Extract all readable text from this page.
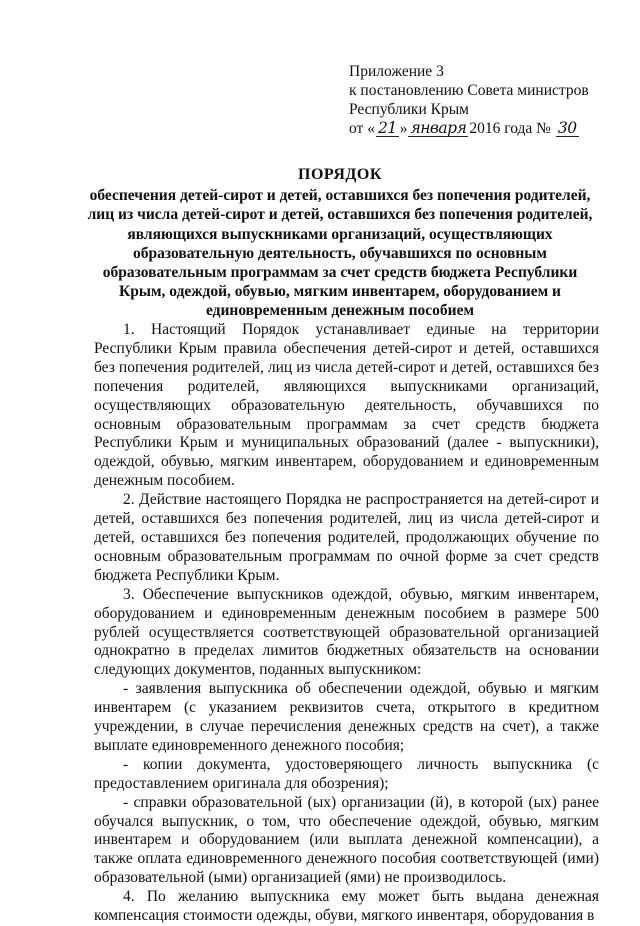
Приложение 3
к постановлению Совета министров
Республики Крым
от « 21 » января 2016 года № 30
ПОРЯДОК
обеспечения детей-сирот и детей, оставшихся без попечения родителей,
лиц из числа детей-сирот и детей, оставшихся без попечения родителей,
являющихся выпускниками организаций, осуществляющих
образовательную деятельность, обучавшихся по основным
образовательным программам за счет средств бюджета Республики
Крым, одеждой, обувью, мягким инвентарем, оборудованием и
единовременным денежным пособием

1. Настоящий Порядок устанавливает единые на территории Республики Крым правила обеспечения детей-сирот и детей, оставшихся без попечения родителей, лиц из числа детей-сирот и детей, оставшихся без попечения родителей, являющихся выпускниками организаций, осуществляющих образовательную деятельность, обучавшихся по основным образовательным программам за счет средств бюджета Республики Крым и муниципальных образований (далее - выпускники), одеждой, обувью, мягким инвентарем, оборудованием и единовременным денежным пособием.

2. Действие настоящего Порядка не распространяется на детей-сирот и детей, оставшихся без попечения родителей, лиц из числа детей-сирот и детей, оставшихся без попечения родителей, продолжающих обучение по основным образовательным программам по очной форме за счет средств бюджета Республики Крым.

3. Обеспечение выпускников одеждой, обувью, мягким инвентарем, оборудованием и единовременным денежным пособием в размере 500 рублей осуществляется соответствующей образовательной организацией однократно в пределах лимитов бюджетных обязательств на основании следующих документов, поданных выпускником:

- заявления выпускника об обеспечении одеждой, обувью и мягким инвентарем (с указанием реквизитов счета, открытого в кредитном учреждении, в случае перечисления денежных средств на счет), а также выплате единовременного денежного пособия;

- копии документа, удостоверяющего личность выпускника (с предоставлением оригинала для обозрения);

- справки образовательной (ых) организации (й), в которой (ых) ранее обучался выпускник, о том, что обеспечение одеждой, обувью, мягким инвентарем и оборудованием (или выплата денежной компенсации), а также оплата единовременного денежного пособия соответствующей (ими) образовательной (ыми) организацией (ями) не производилось.

4. По желанию выпускника ему может быть выдана денежная компенсация стоимости одежды, обуви, мягкого инвентаря, оборудования в
